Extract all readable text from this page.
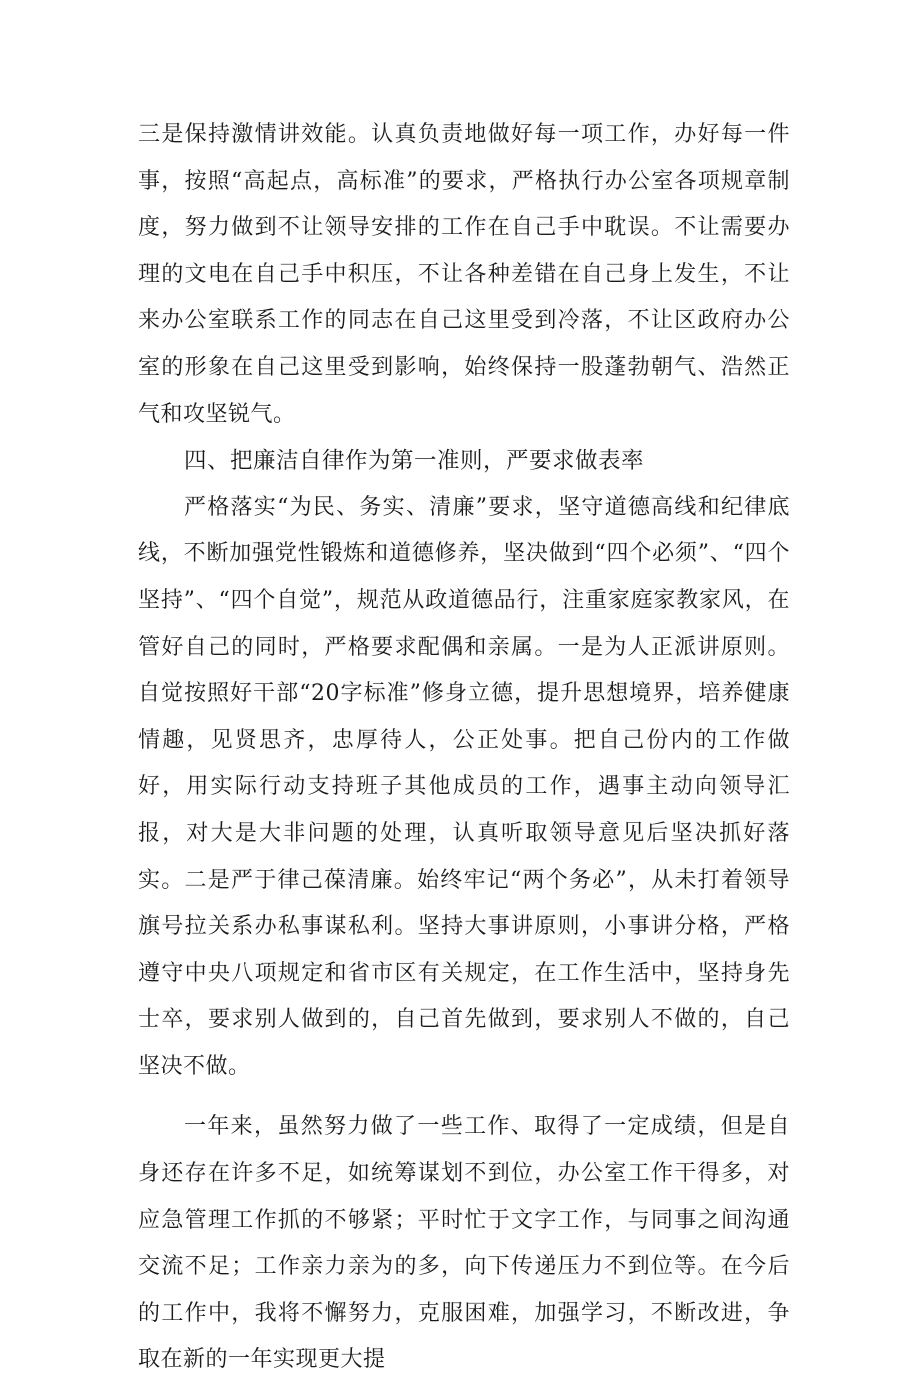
三是保持激情讲效能。认真负责地做好每一项工作，办好每一件事，按照“高起点，高标准”的要求，严格执行办公室各项规章制度，努力做到不让领导安排的工作在自己手中耽误。不让需要办理的文电在自己手中积压，不让各种差错在自己身上发生，不让来办公室联系工作的同志在自己这里受到冷落，不让区政府办公室的形象在自己这里受到影响，始终保持一股蓬勃朝气、浩然正气和攻坚锐气。

四、把廉洁自律作为第一准则，严要求做表率

严格落实“为民、务实、清廉”要求，坚守道德高线和纪律底线，不断加强党性锻炼和道德修养，坚决做到“四个必须”、“四个坚持”、“四个自觉”，规范从政道德品行，注重家庭家教家风，在管好自己的同时，严格要求配偶和亲属。一是为人正派讲原则。自觉按照好干部“20字标准”修身立德，提升思想境界，培养健康情趣，见贤思齐，忠厚待人，公正处事。把自己份内的工作做好，用实际行动支持班子其他成员的工作，遇事主动向领导汇报，对大是大非问题的处理，认真听取领导意见后坚决抓好落实。二是严于律己葆清廉。始终牢记“两个务必”，从未打着领导旗号拉关系办私事谋私利。坚持大事讲原则，小事讲分格，严格遵守中央八项规定和省市区有关规定，在工作生活中，坚持身先士卒，要求别人做到的，自己首先做到，要求别人不做的，自己坚决不做。

一年来，虽然努力做了一些工作、取得了一定成绩，但是自身还存在许多不足，如统筹谋划不到位，办公室工作干得多，对应急管理工作抓的不够紧；平时忙于文字工作，与同事之间沟通交流不足；工作亲力亲为的多，向下传递压力不到位等。在今后的工作中，我将不懈努力，克服困难，加强学习，不断改进，争取在新的一年实现更大提
